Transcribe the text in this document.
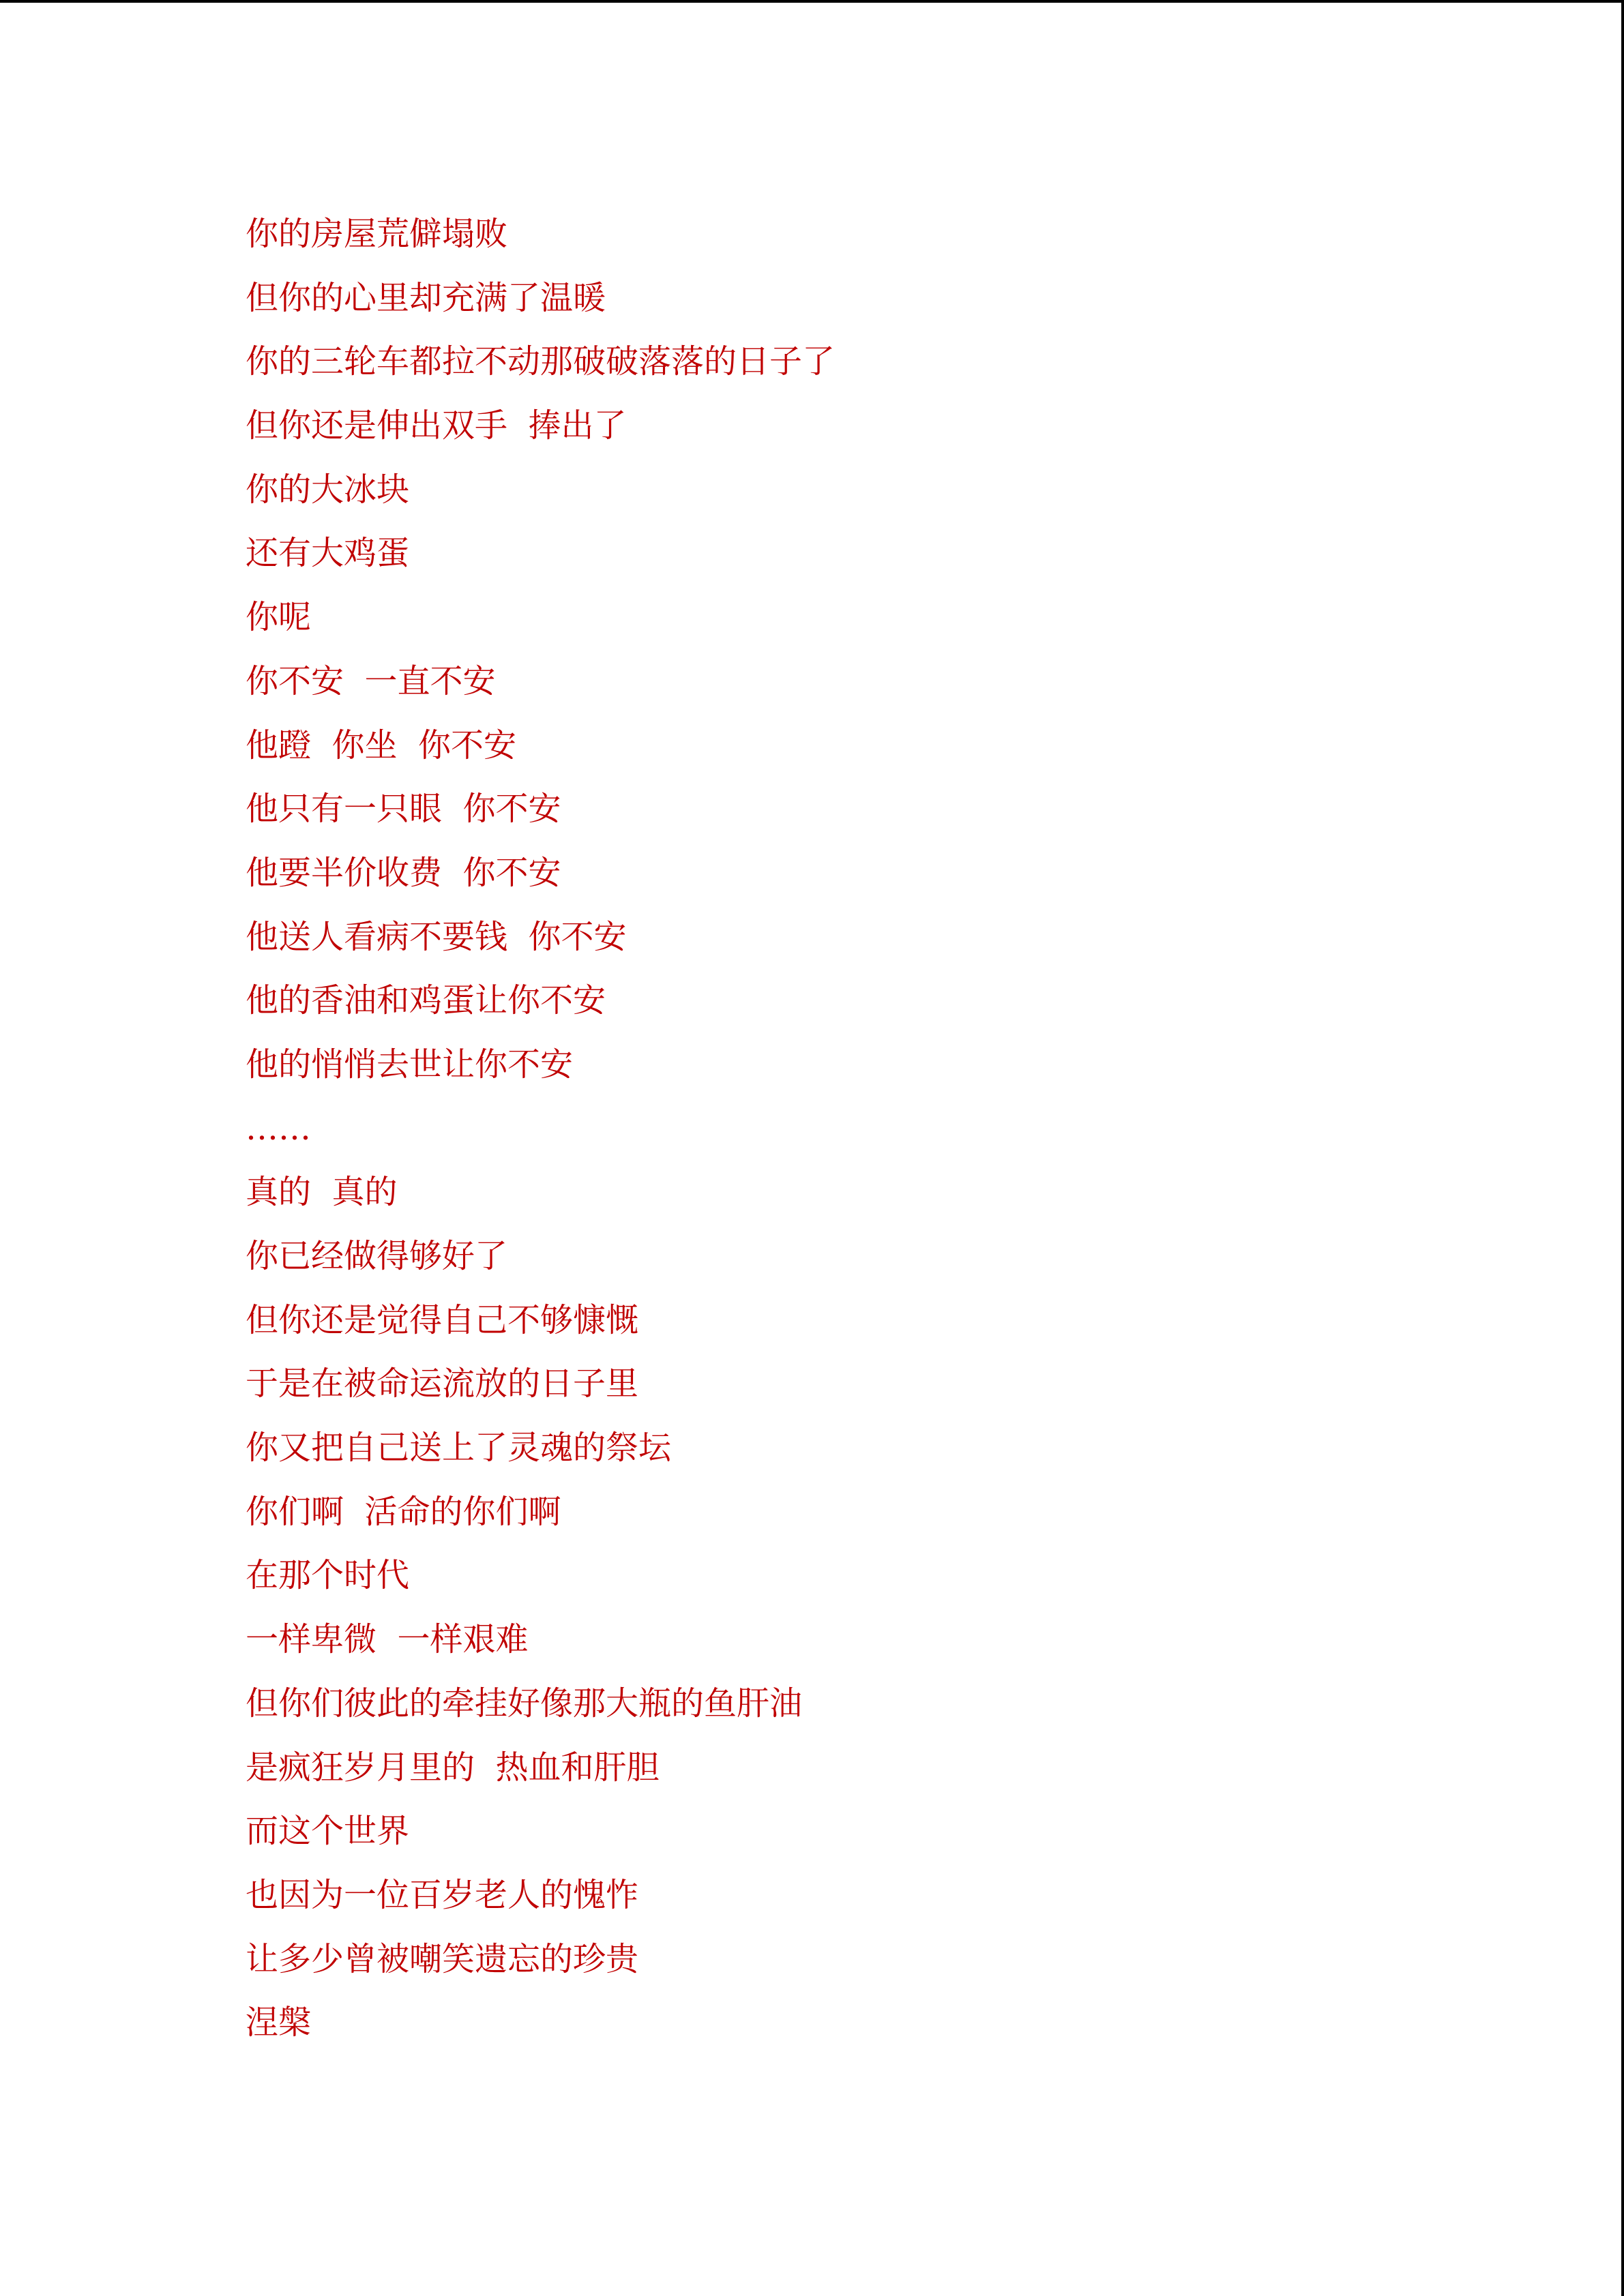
你的房屋荒僻塌败
但你的心里却充满了温暖
你的三轮车都拉不动那破破落落的日子了
但你还是伸出双手  捧出了
你的大冰块
还有大鸡蛋
你呢
你不安  一直不安
他蹬  你坐  你不安
他只有一只眼  你不安
他要半价收费  你不安
他送人看病不要钱  你不安
他的香油和鸡蛋让你不安
他的悄悄去世让你不安
……
真的  真的
你已经做得够好了
但你还是觉得自己不够慷慨
于是在被命运流放的日子里
你又把自己送上了灵魂的祭坛
你们啊  活命的你们啊
在那个时代
一样卑微  一样艰难
但你们彼此的牵挂好像那大瓶的鱼肝油
是疯狂岁月里的  热血和肝胆
而这个世界
也因为一位百岁老人的愧怍
让多少曾被嘲笑遗忘的珍贵
涅槃
